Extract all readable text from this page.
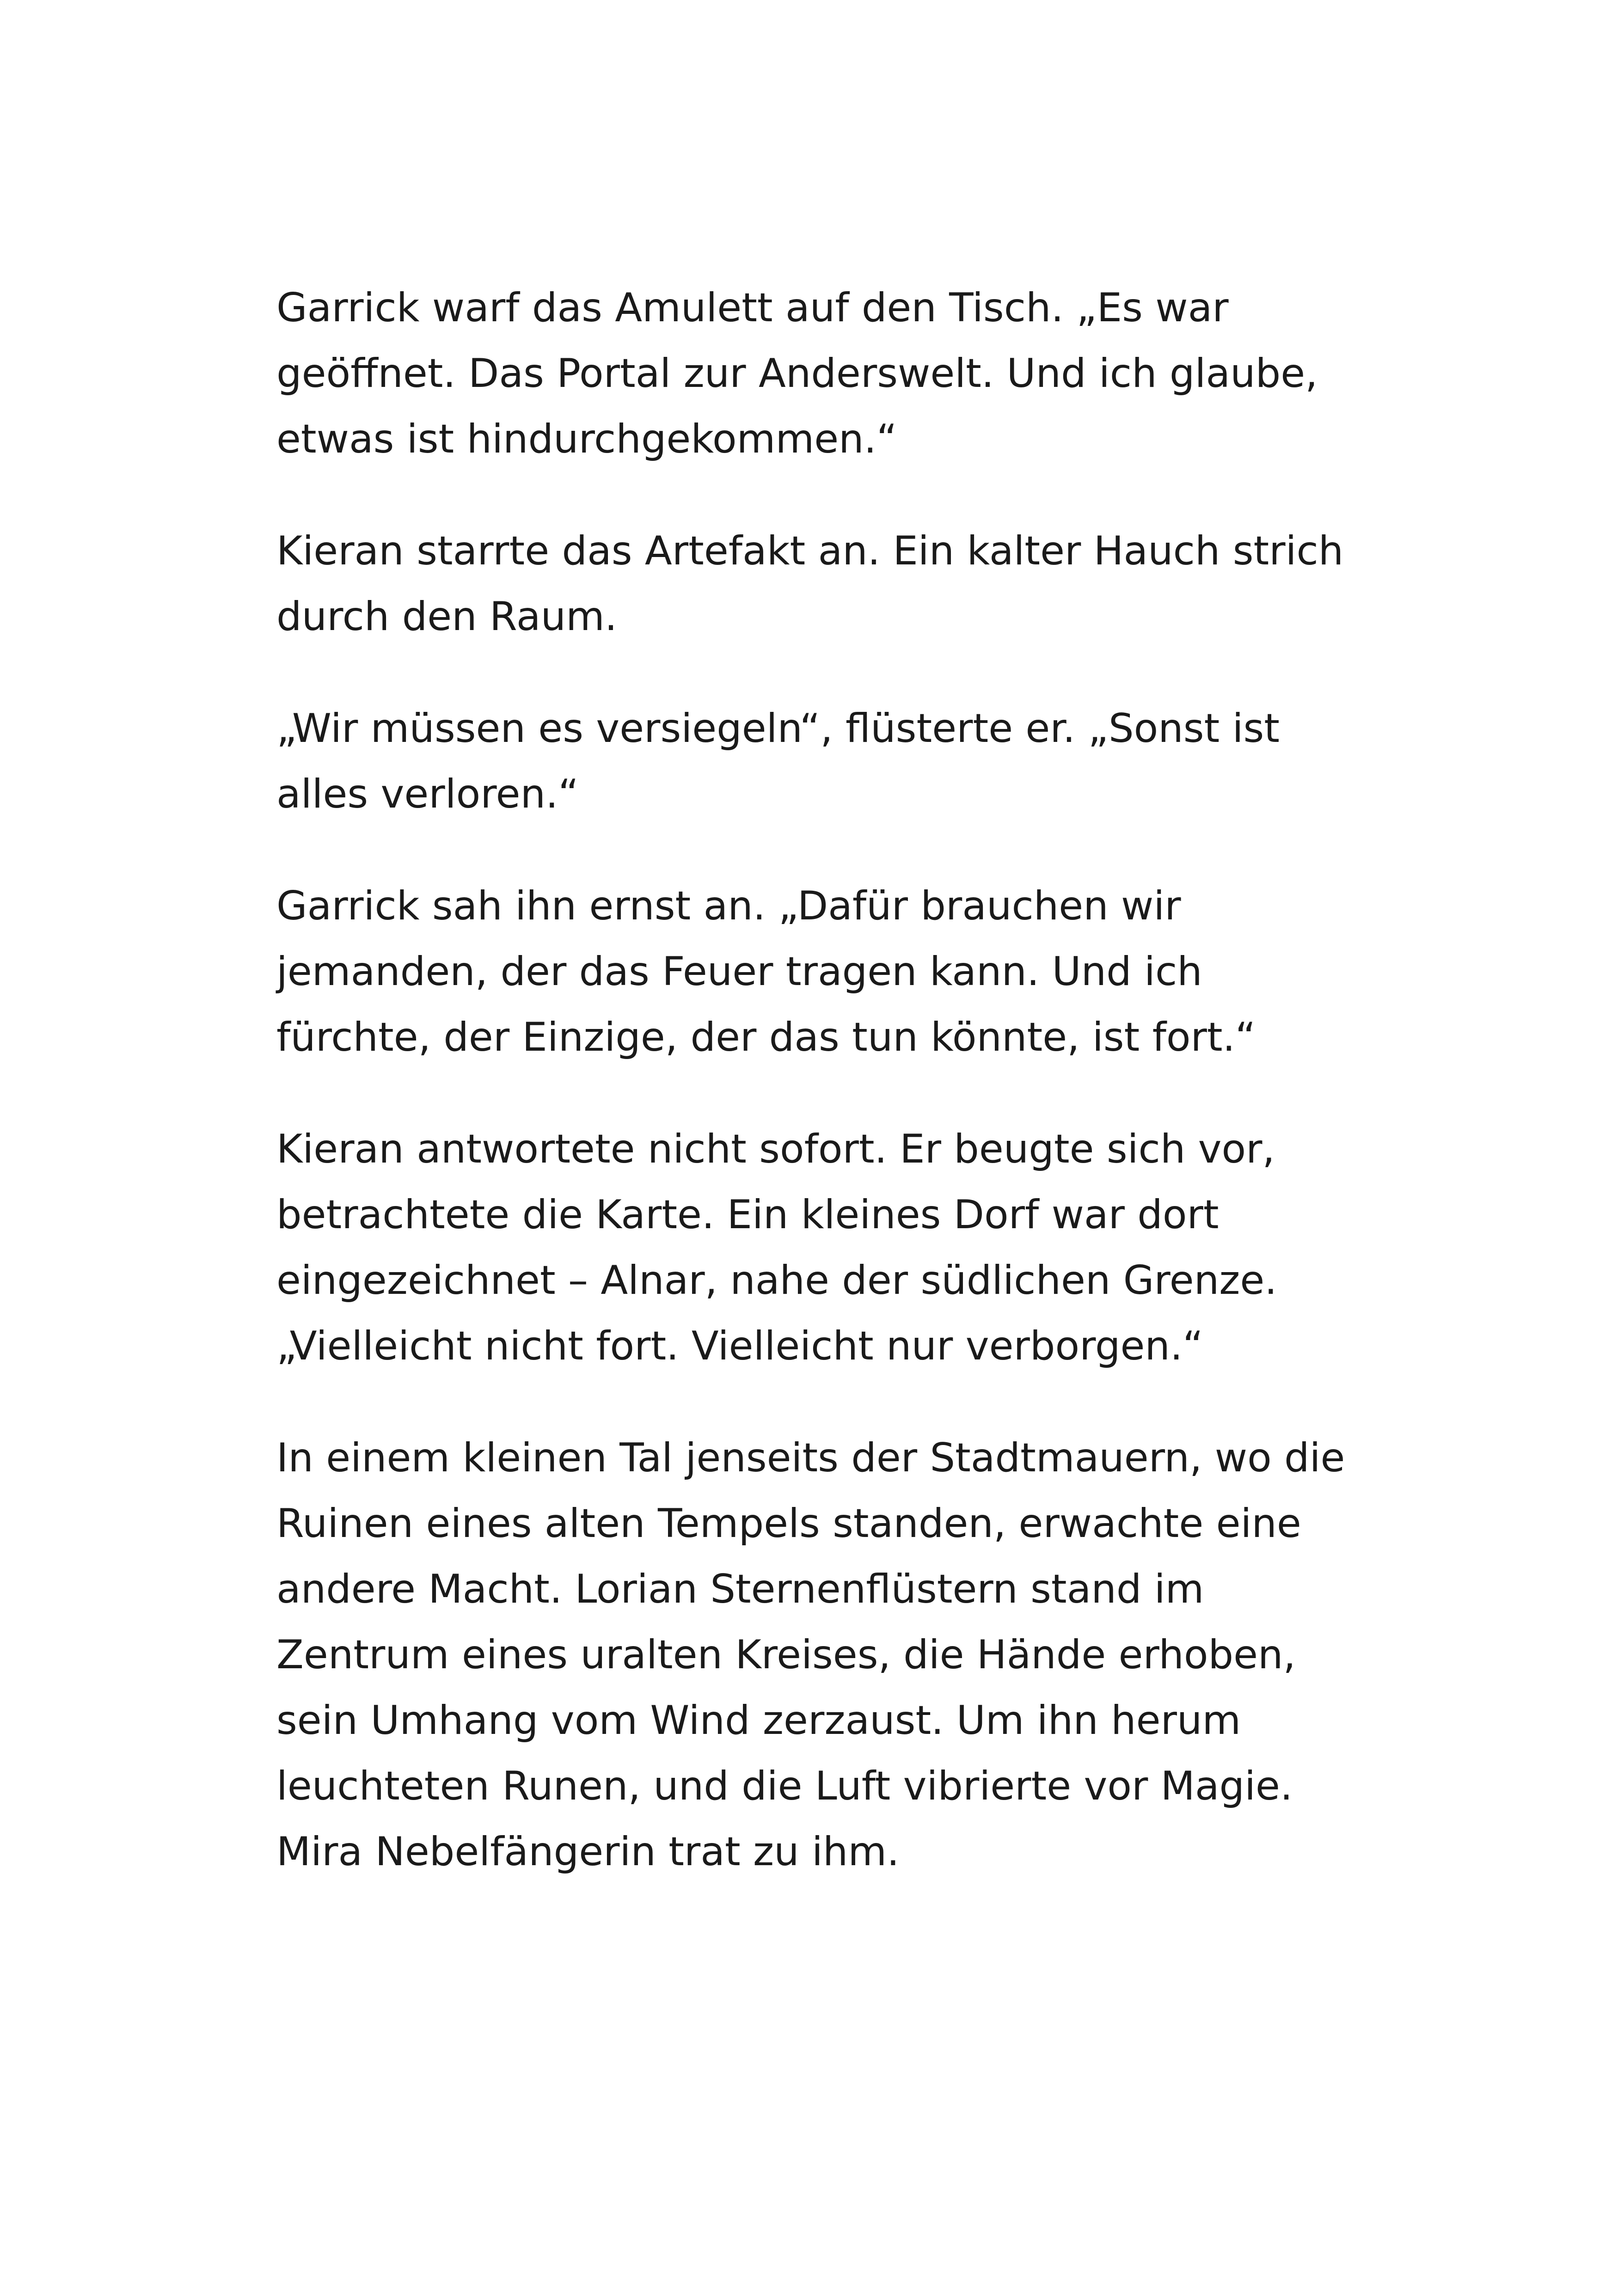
Garrick warf das Amulett auf den Tisch. „Es war
geöffnet. Das Portal zur Anderswelt. Und ich glaube,
etwas ist hindurchgekommen.“

Kieran starrte das Artefakt an. Ein kalter Hauch strich
durch den Raum.

„Wir müssen es versiegeln“, flüsterte er. „Sonst ist
alles verloren.“

Garrick sah ihn ernst an. „Dafür brauchen wir
jemanden, der das Feuer tragen kann. Und ich
fürchte, der Einzige, der das tun könnte, ist fort.“

Kieran antwortete nicht sofort. Er beugte sich vor,
betrachtete die Karte. Ein kleines Dorf war dort
eingezeichnet – Alnar, nahe der südlichen Grenze.
„Vielleicht nicht fort. Vielleicht nur verborgen.“

In einem kleinen Tal jenseits der Stadtmauern, wo die
Ruinen eines alten Tempels standen, erwachte eine
andere Macht. Lorian Sternenflüstern stand im
Zentrum eines uralten Kreises, die Hände erhoben,
sein Umhang vom Wind zerzaust. Um ihn herum
leuchteten Runen, und die Luft vibrierte vor Magie.
Mira Nebelfängerin trat zu ihm.
